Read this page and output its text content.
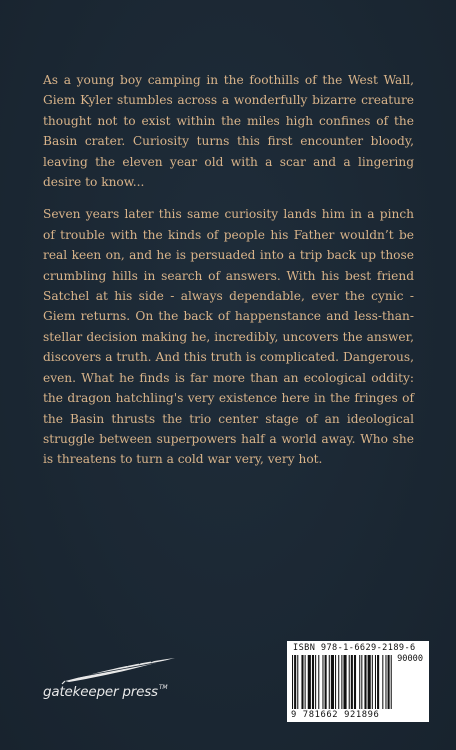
As a young boy camping in the foothills of the West Wall, Giem Kyler stumbles across a wonderfully bizarre creature thought not to exist within the miles high confines of the Basin crater. Curiosity turns this first encounter bloody, leaving the eleven year old with a scar and a lingering desire to know...

Seven years later this same curiosity lands him in a pinch of trouble with the kinds of people his Father wouldn’t be real keen on, and he is persuaded into a trip back up those crumbling hills in search of answers. With his best friend Satchel at his side - always dependable, ever the cynic - Giem returns. On the back of happenstance and less-than-stellar decision making he, incredibly, uncovers the answer, discovers a truth. And this truth is complicated. Dangerous, even. What he finds is far more than an ecological oddity: the dragon hatchling's very existence here in the fringes of the Basin thrusts the trio center stage of an ideological struggle between superpowers half a world away. Who she is threatens to turn a cold war very, very hot.

gatekeeper press™
ISBN 978-1-6629-2189-6
90000
9 781662 921896
